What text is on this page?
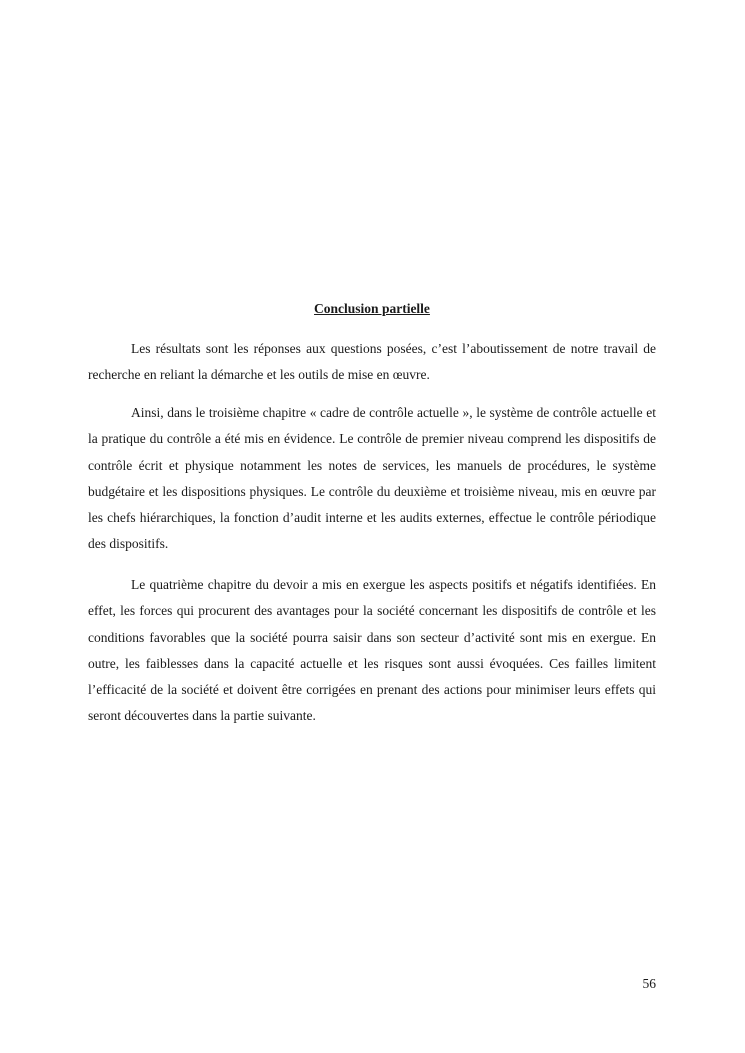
Conclusion partielle

Les résultats sont les réponses aux questions posées, c’est l’aboutissement de notre travail de recherche en reliant la démarche et les outils de mise en œuvre.

Ainsi, dans le troisième chapitre « cadre de contrôle actuelle », le système de contrôle actuelle et la pratique du contrôle a été mis en évidence. Le contrôle de premier niveau comprend les dispositifs de contrôle écrit et physique notamment les notes de services, les manuels de procédures, le système budgétaire et les dispositions physiques. Le contrôle du deuxième et troisième niveau, mis en œuvre par les chefs hiérarchiques, la fonction d’audit interne et les audits externes, effectue le contrôle périodique des dispositifs.

Le quatrième chapitre du devoir a mis en exergue les aspects positifs et négatifs identifiées. En effet, les forces qui procurent des avantages pour la société concernant les dispositifs de contrôle et les conditions favorables que la société pourra saisir dans son secteur d’activité sont mis en exergue. En outre, les faiblesses dans la capacité actuelle et les risques sont aussi évoquées. Ces failles limitent l’efficacité de la société et doivent être corrigées en prenant des actions pour minimiser leurs effets qui seront découvertes dans la partie suivante.

56
